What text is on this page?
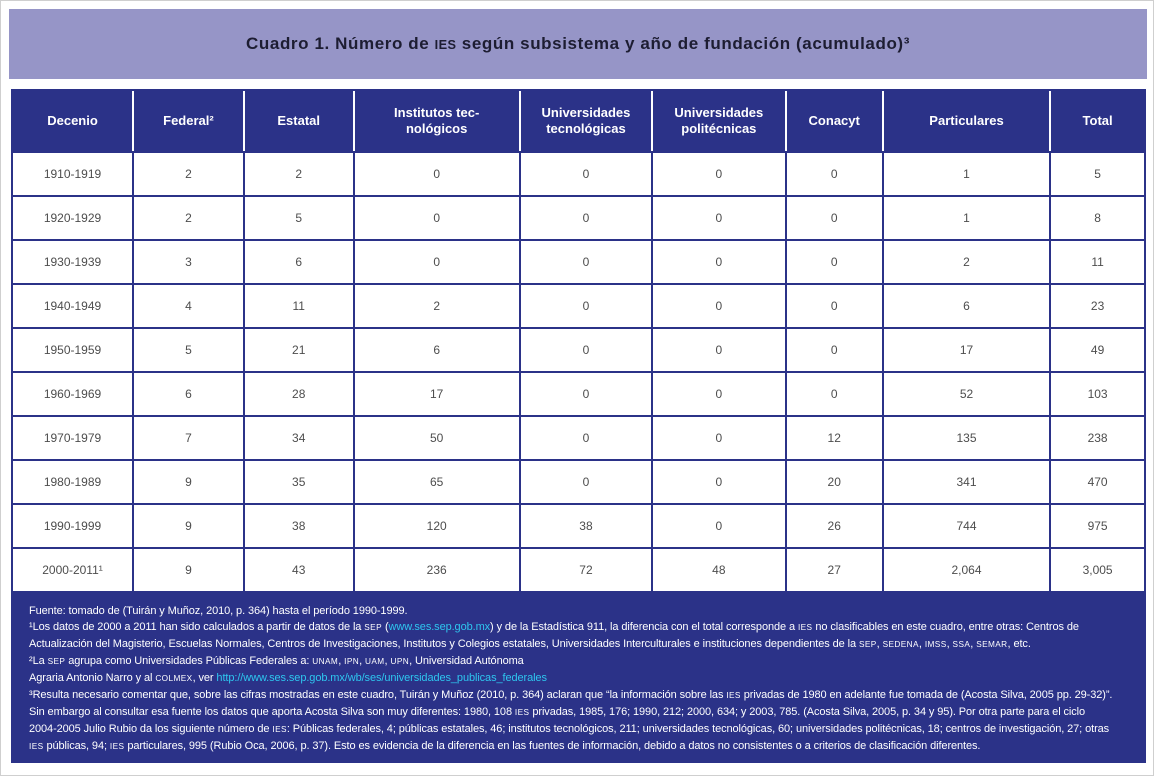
Cuadro 1. Número de IES según subsistema y año de fundación (acumulado)³
Decenio	Federal²	Estatal	Institutos tec-nológicos	Universidades tecnológicas	Universidades politécnicas	Conacyt	Particulares	Total
1910-1919	2	2	0	0	0	0	1	5
1920-1929	2	5	0	0	0	0	1	8
1930-1939	3	6	0	0	0	0	2	11
1940-1949	4	11	2	0	0	0	6	23
1950-1959	5	21	6	0	0	0	17	49
1960-1969	6	28	17	0	0	0	52	103
1970-1979	7	34	50	0	0	12	135	238
1980-1989	9	35	65	0	0	20	341	470
1990-1999	9	38	120	38	0	26	744	975
2000-2011¹	9	43	236	72	48	27	2,064	3,005
Fuente: tomado de (Tuirán y Muñoz, 2010, p. 364) hasta el período 1990-1999.
¹Los datos de 2000 a 2011 han sido calculados a partir de datos de la SEP (www.ses.sep.gob.mx) y de la Estadística 911, la diferencia con el total corresponde a IES no clasificables en este cuadro, entre otras: Centros de
Actualización del Magisterio, Escuelas Normales, Centros de Investigaciones, Institutos y Colegios estatales, Universidades Interculturales e instituciones dependientes de la SEP, SEDENA, IMSS, SSA, SEMAR, etc.
²La SEP agrupa como Universidades Públicas Federales a: UNAM, IPN, UAM, UPN, Universidad Autónoma
Agraria Antonio Narro y al COLMEX, ver http://www.ses.sep.gob.mx/wb/ses/universidades_publicas_federales
³Resulta necesario comentar que, sobre las cifras mostradas en este cuadro, Tuirán y Muñoz (2010, p. 364) aclaran que “la información sobre las IES privadas de 1980 en adelante fue tomada de (Acosta Silva, 2005 pp. 29-32)”.
Sin embargo al consultar esa fuente los datos que aporta Acosta Silva son muy diferentes: 1980, 108 IES privadas, 1985, 176; 1990, 212; 2000, 634; y 2003, 785. (Acosta Silva, 2005, p. 34 y 95). Por otra parte para el ciclo
2004-2005 Julio Rubio da los siguiente número de IES: Públicas federales, 4; públicas estatales, 46; institutos tecnológicos, 211; universidades tecnológicas, 60; universidades politécnicas, 18; centros de investigación, 27; otras
IES públicas, 94; IES particulares, 995 (Rubio Oca, 2006, p. 37). Esto es evidencia de la diferencia en las fuentes de información, debido a datos no consistentes o a criterios de clasificación diferentes.
